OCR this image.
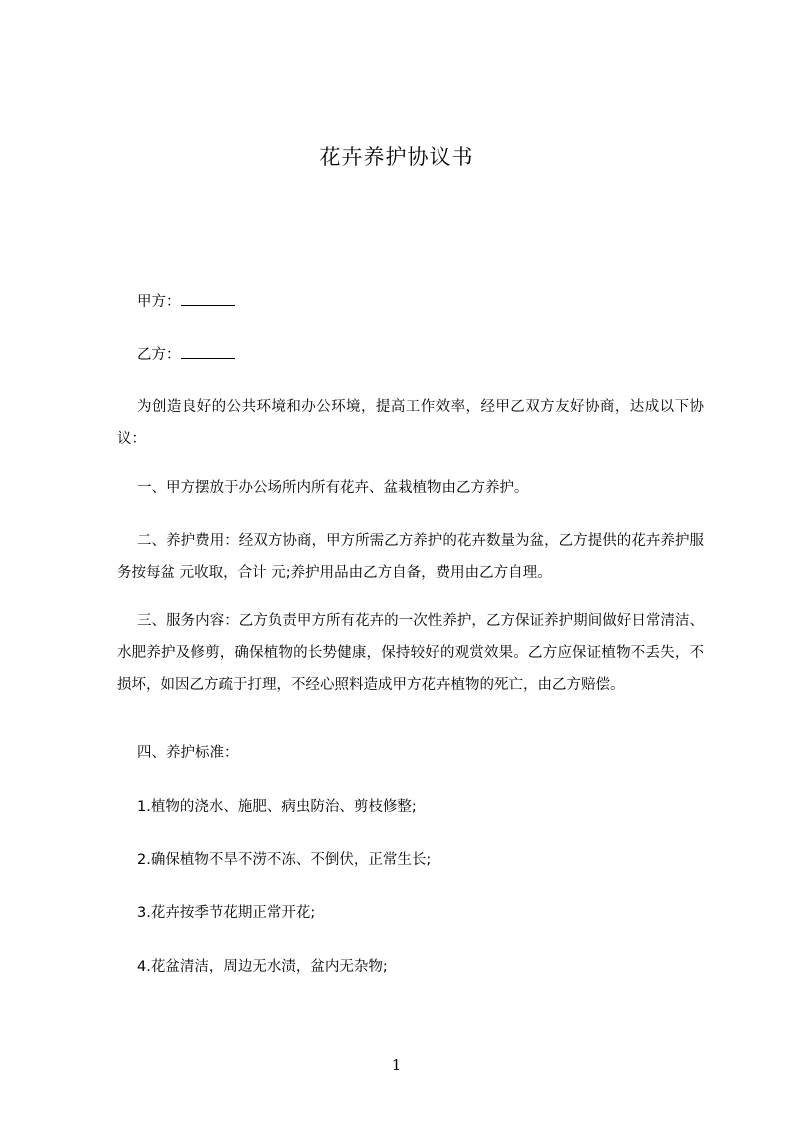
花卉养护协议书
甲方：
乙方：
为创造良好的公共环境和办公环境，提高工作效率，经甲乙双方友好协商，达成以下协议：
一、甲方摆放于办公场所内所有花卉、盆栽植物由乙方养护。
二、养护费用：经双方协商，甲方所需乙方养护的花卉数量为盆，乙方提供的花卉养护服务按每盆 元收取，合计 元;养护用品由乙方自备，费用由乙方自理。
三、服务内容：乙方负责甲方所有花卉的一次性养护，乙方保证养护期间做好日常清洁、水肥养护及修剪，确保植物的长势健康，保持较好的观赏效果。乙方应保证植物不丢失，不损坏，如因乙方疏于打理，不经心照料造成甲方花卉植物的死亡，由乙方赔偿。
四、养护标准：
1.植物的浇水、施肥、病虫防治、剪枝修整;
2.确保植物不旱不涝不冻、不倒伏，正常生长;
3.花卉按季节花期正常开花;
4.花盆清洁，周边无水渍，盆内无杂物;
1
